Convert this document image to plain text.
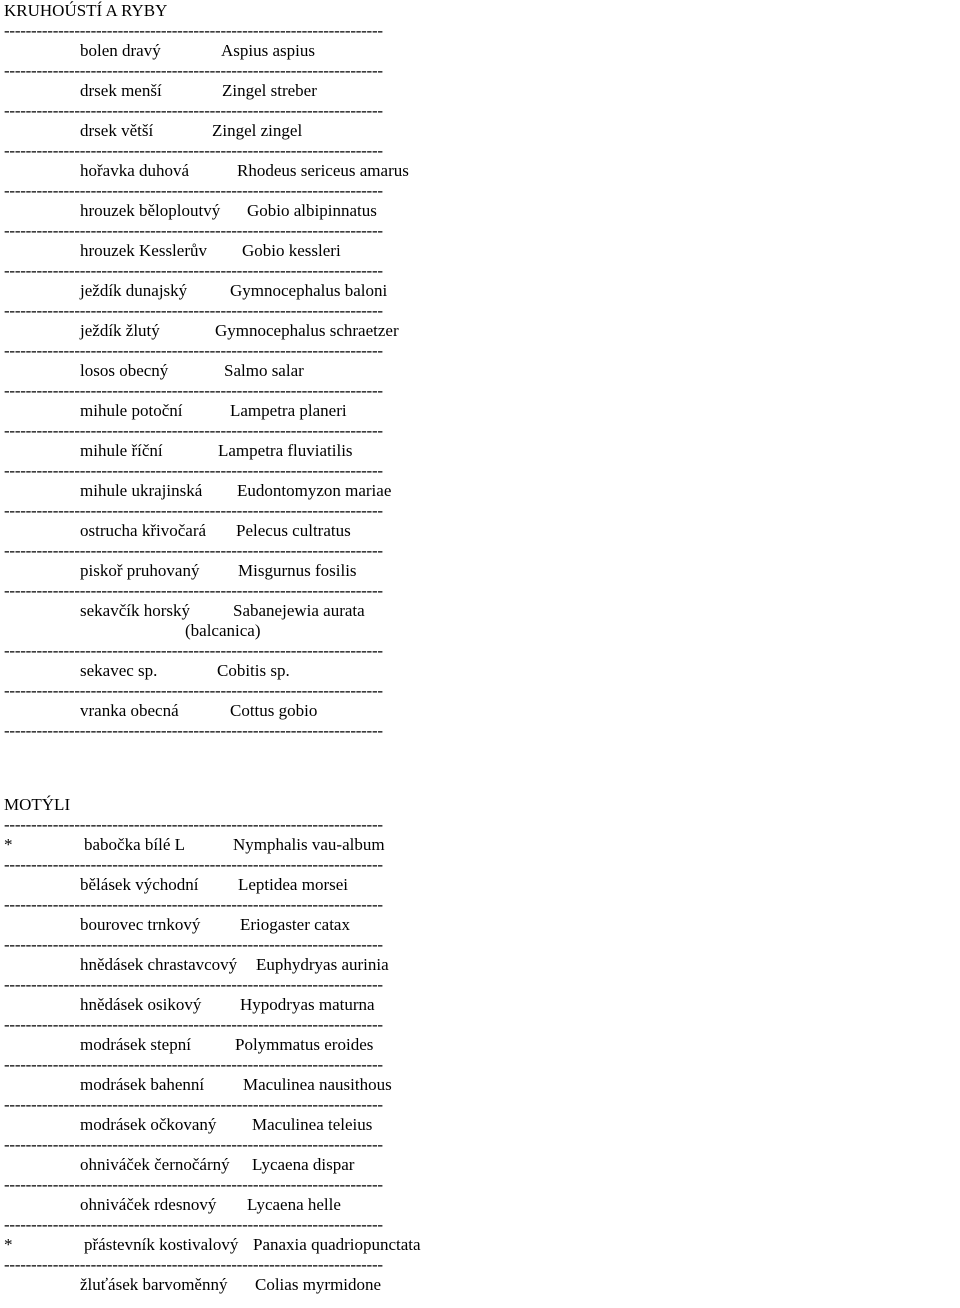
KRUHOÚSTÍ A RYBY
----------------------------------------------------------------------
bolen dravý	Aspius aspius
----------------------------------------------------------------------
drsek menší	Zingel streber
----------------------------------------------------------------------
drsek větší	Zingel zingel
----------------------------------------------------------------------
hořavka duhová	Rhodeus sericeus amarus
----------------------------------------------------------------------
hrouzek běloploutvý Gobio albipinnatus
----------------------------------------------------------------------
hrouzek Kesslerův Gobio kessleri
----------------------------------------------------------------------
ježdík dunajský	Gymnocephalus baloni
----------------------------------------------------------------------
ježdík žlutý	Gymnocephalus schraetzer
----------------------------------------------------------------------
losos obecný	Salmo salar
----------------------------------------------------------------------
mihule potoční	Lampetra planeri
----------------------------------------------------------------------
mihule říční	Lampetra fluviatilis
----------------------------------------------------------------------
mihule ukrajinská Eudontomyzon mariae
----------------------------------------------------------------------
ostrucha křivočará Pelecus cultratus
----------------------------------------------------------------------
piskoř pruhovaný Misgurnus fosilis
----------------------------------------------------------------------
sekavčík horský	Sabanejewia aurata
(balcanica)
----------------------------------------------------------------------
sekavec sp.	Cobitis sp.
----------------------------------------------------------------------
vranka obecná	Cottus gobio
----------------------------------------------------------------------
MOTÝLI
----------------------------------------------------------------------
*	babočka bílé L	Nymphalis vau-album
----------------------------------------------------------------------
bělásek východní Leptidea morsei
----------------------------------------------------------------------
bourovec trnkový Eriogaster catax
----------------------------------------------------------------------
hnědásek chrastavcový Euphydryas aurinia
----------------------------------------------------------------------
hnědásek osikový Hypodryas maturna
----------------------------------------------------------------------
modrásek stepní	Polymmatus eroides
----------------------------------------------------------------------
modrásek bahenní Maculinea nausithous
----------------------------------------------------------------------
modrásek očkovaný Maculinea teleius
----------------------------------------------------------------------
ohniváček černočárný Lycaena dispar
----------------------------------------------------------------------
ohniváček rdesnový Lycaena helle
----------------------------------------------------------------------
*	přástevník kostivalový Panaxia quadriopunctata
----------------------------------------------------------------------
žluťásek barvoměnný Colias myrmidone
